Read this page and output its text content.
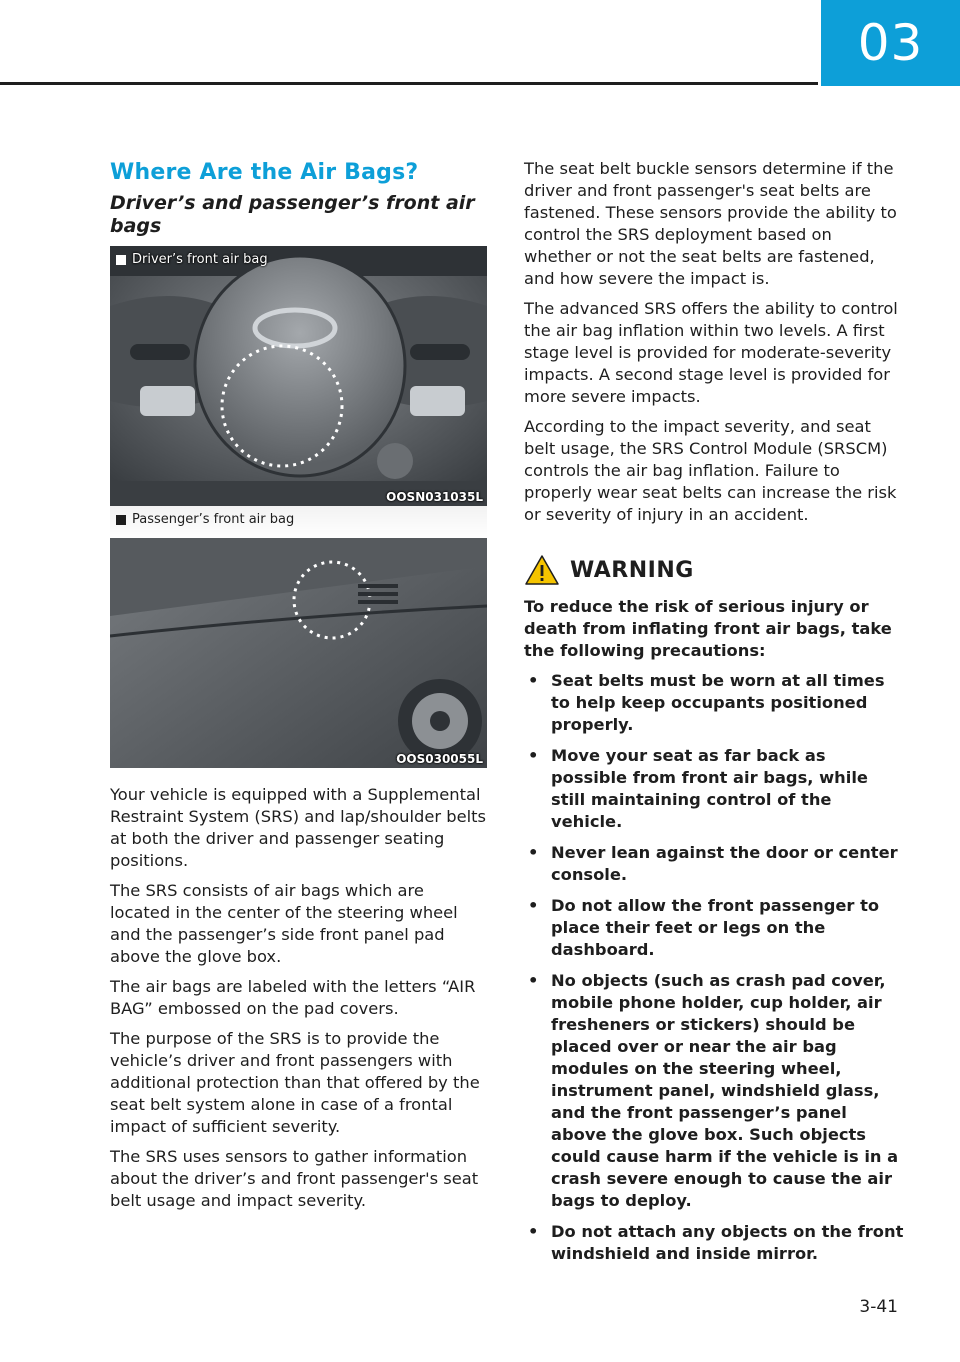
03
Where Are the Air Bags?
Driver’s and passenger’s front air bags
Driver’s front air bag
OOSN031035L
Passenger’s front air bag
OOS030055L

Your vehicle is equipped with a Supplemental Restraint System (SRS) and lap/shoulder belts at both the driver and passenger seating positions.

The SRS consists of air bags which are located in the center of the steering wheel and the passenger’s side front panel pad above the glove box.

The air bags are labeled with the letters “AIR BAG” embossed on the pad covers.

The purpose of the SRS is to provide the vehicle’s driver and front passengers with additional protection than that offered by the seat belt system alone in case of a frontal impact of sufficient severity.

The SRS uses sensors to gather information about the driver’s and front passenger's seat belt usage and impact severity.

The seat belt buckle sensors determine if the driver and front passenger's seat belts are fastened. These sensors provide the ability to control the SRS deployment based on whether or not the seat belts are fastened, and how severe the impact is.

The advanced SRS offers the ability to control the air bag inflation within two levels. A first stage level is provided for moderate-severity impacts. A second stage level is provided for more severe impacts.

According to the impact severity, and seat belt usage, the SRS Control Module (SRSCM) controls the air bag inflation. Failure to properly wear seat belts can increase the risk or severity of injury in an accident.

WARNING

To reduce the risk of serious injury or death from inflating front air bags, take the following precautions:

• Seat belts must be worn at all times to help keep occupants positioned properly.
• Move your seat as far back as possible from front air bags, while still maintaining control of the vehicle.
• Never lean against the door or center console.
• Do not allow the front passenger to place their feet or legs on the dashboard.
• No objects (such as crash pad cover, mobile phone holder, cup holder, air fresheners or stickers) should be placed over or near the air bag modules on the steering wheel, instrument panel, windshield glass, and the front passenger’s panel above the glove box. Such objects could cause harm if the vehicle is in a crash severe enough to cause the air bags to deploy.
• Do not attach any objects on the front windshield and inside mirror.
3-41
